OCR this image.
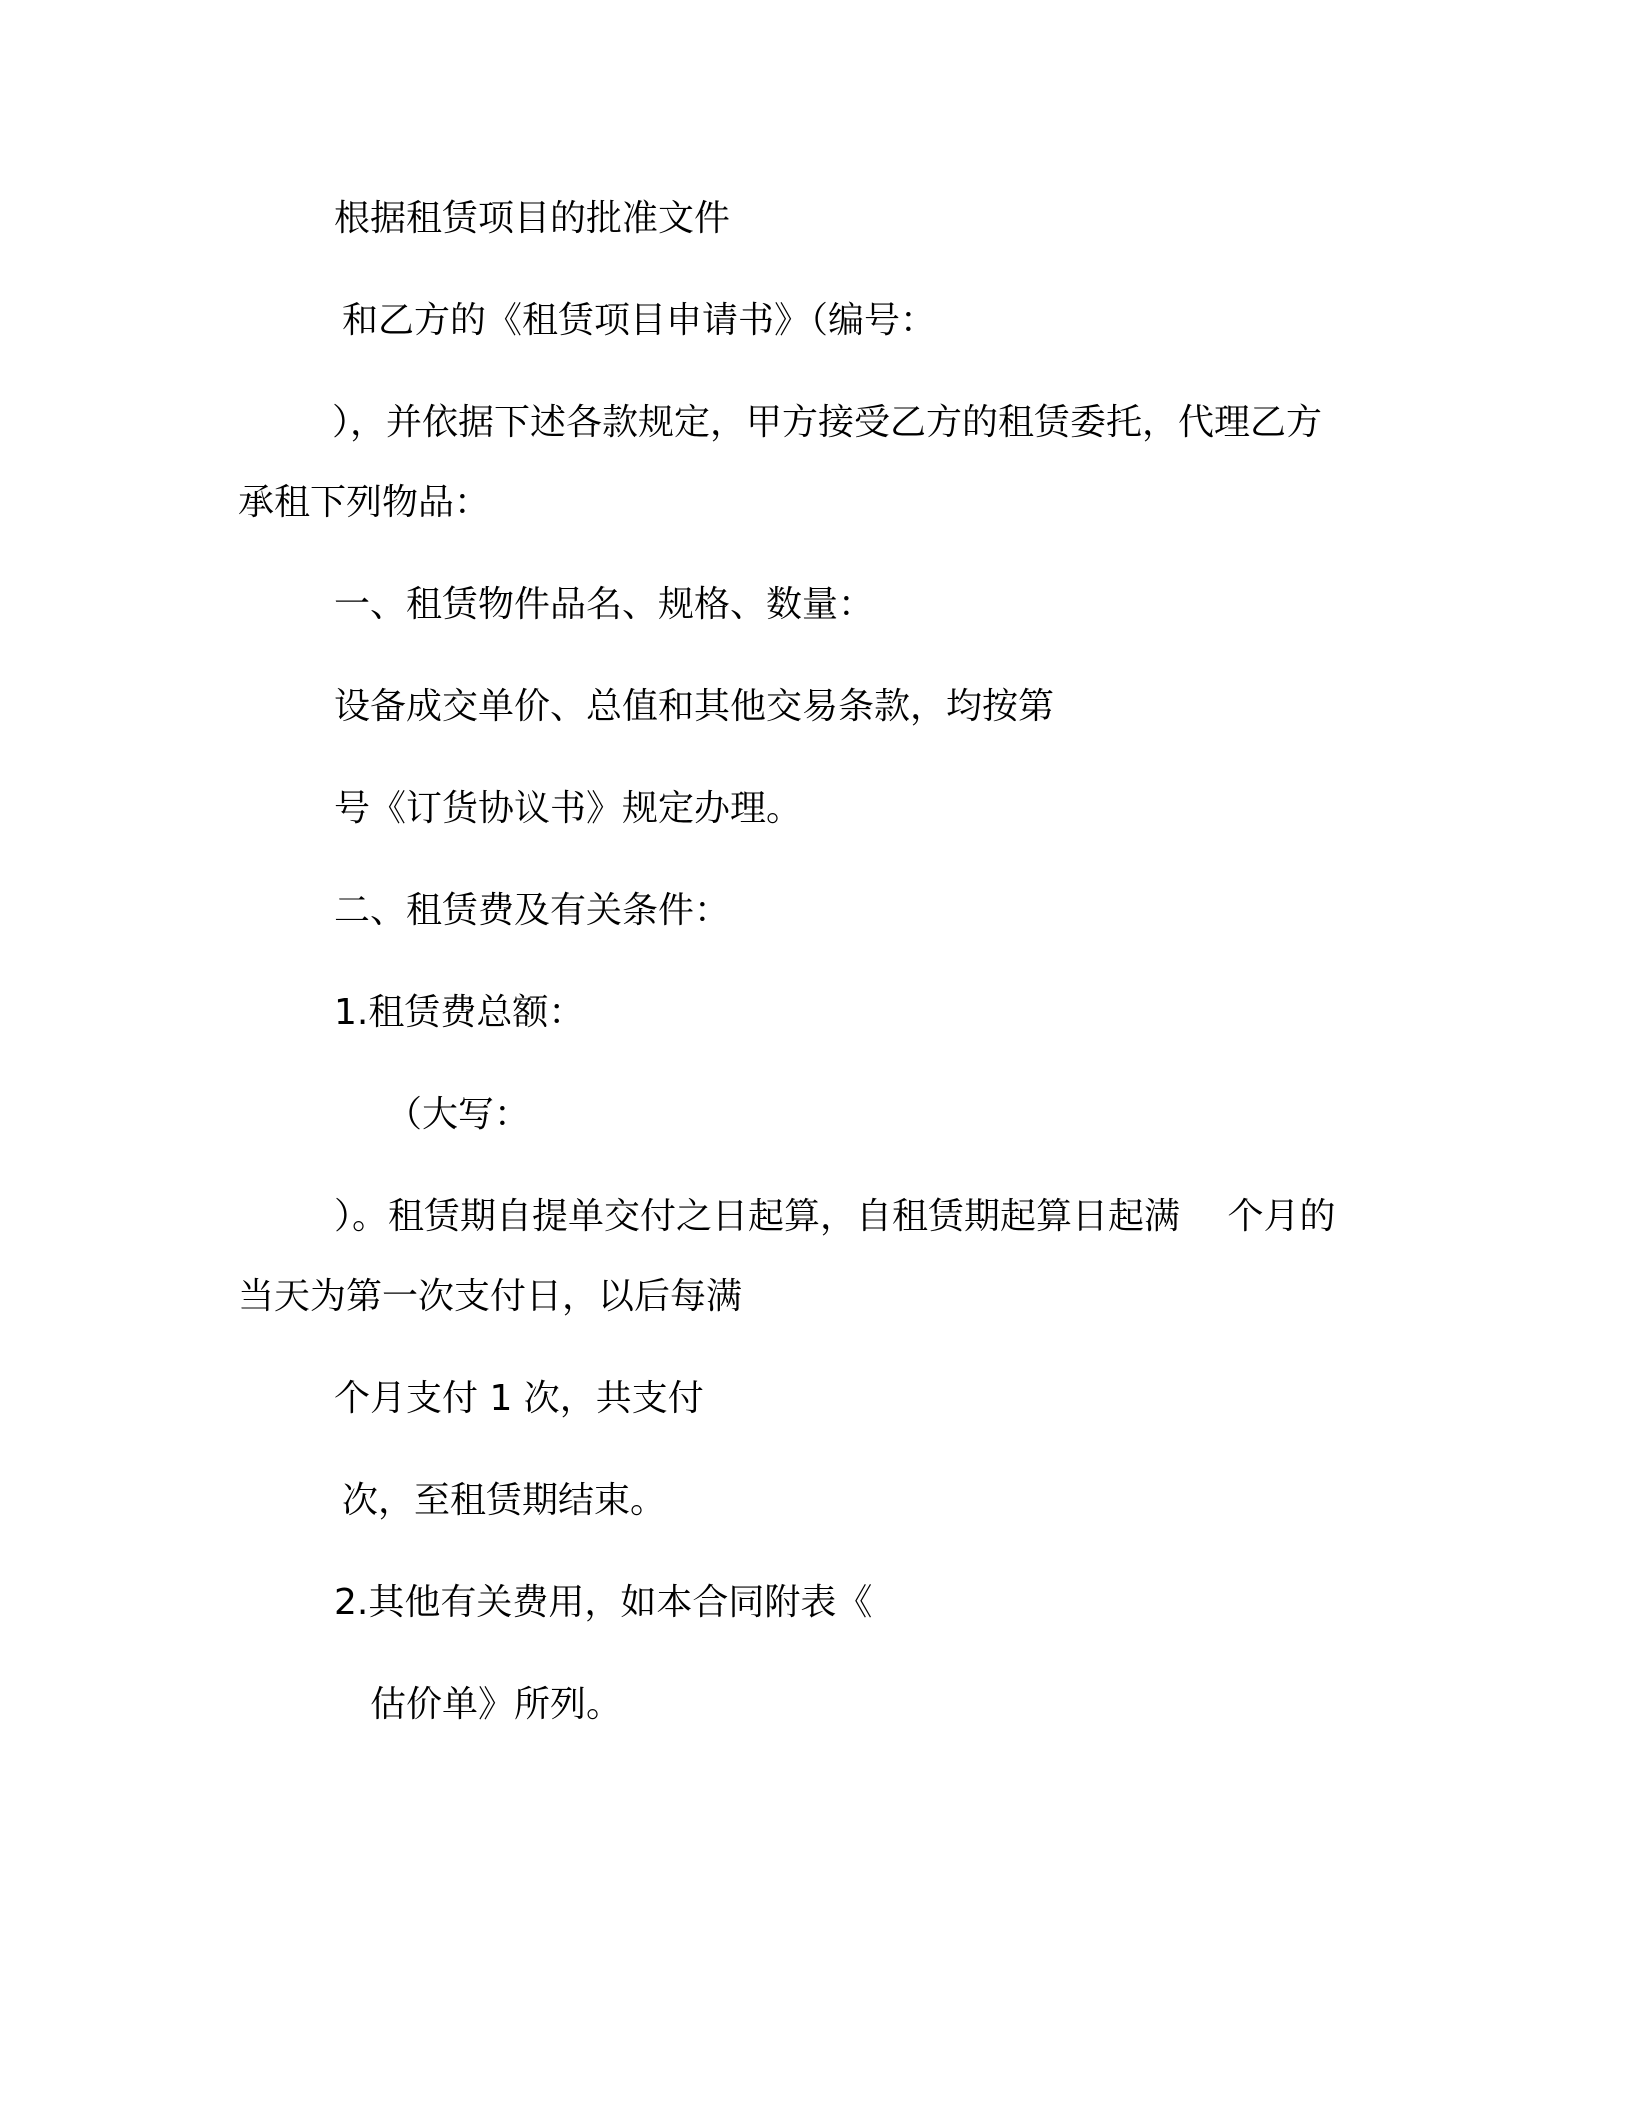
根据租赁项目的批准文件

和乙方的《租赁项目申请书》（编号：

），并依据下述各款规定，甲方接受乙方的租赁委托，代理乙方

承租下列物品：

一、租赁物件品名、规格、数量：

设备成交单价、总值和其他交易条款，均按第

号《订货协议书》规定办理。

二、租赁费及有关条件：

1.租赁费总额：

（大写：

）。租赁期自提单交付之日起算，自租赁期起算日起满　 个月的

当天为第一次支付日，以后每满

个月支付 1 次，共支付

次，至租赁期结束。

2.其他有关费用，如本合同附表《

估价单》所列。
